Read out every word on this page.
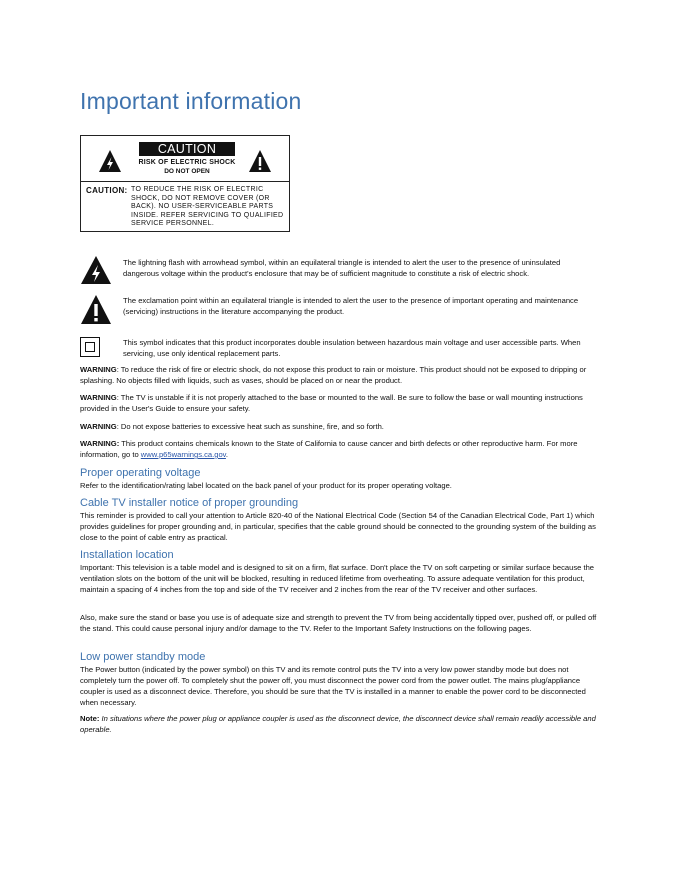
Important information
CAUTION
RISK OF ELECTRIC SHOCK
DO NOT OPEN
CAUTION: TO REDUCE THE RISK OF ELECTRIC SHOCK, DO NOT REMOVE COVER (OR BACK). NO USER-SERVICEABLE PARTS INSIDE. REFER SERVICING TO QUALIFIED SERVICE PERSONNEL.
The lightning flash with arrowhead symbol, within an equilateral triangle is intended to alert the user to the presence of uninsulated dangerous voltage within the product's enclosure that may be of sufficient magnitude to constitute a risk of electric shock.
The exclamation point within an equilateral triangle is intended to alert the user to the presence of important operating and maintenance (servicing) instructions in the literature accompanying the product.
This symbol indicates that this product incorporates double insulation between hazardous main voltage and user accessible parts. When servicing, use only identical replacement parts.

WARNING: To reduce the risk of fire or electric shock, do not expose this product to rain or moisture. This product should not be exposed to dripping or splashing. No objects filled with liquids, such as vases, should be placed on or near the product.

WARNING: The TV is unstable if it is not properly attached to the base or mounted to the wall. Be sure to follow the base or wall mounting instructions provided in the User's Guide to ensure your safety.

WARNING: Do not expose batteries to excessive heat such as sunshine, fire, and so forth.

WARNING: This product contains chemicals known to the State of California to cause cancer and birth defects or other reproductive harm. For more information, go to www.p65warnings.ca.gov.

Proper operating voltage

Refer to the identification/rating label located on the back panel of your product for its proper operating voltage.

Cable TV installer notice of proper grounding

This reminder is provided to call your attention to Article 820-40 of the National Electrical Code (Section 54 of the Canadian Electrical Code, Part 1) which provides guidelines for proper grounding and, in particular, specifies that the cable ground should be connected to the grounding system of the building as close to the point of cable entry as practical.

Installation location

Important: This television is a table model and is designed to sit on a firm, flat surface. Don't place the TV on soft carpeting or similar surface because the ventilation slots on the bottom of the unit will be blocked, resulting in reduced lifetime from overheating. To assure adequate ventilation for this product, maintain a spacing of 4 inches from the top and side of the TV receiver and 2 inches from the rear of the TV receiver and other surfaces.

Also, make sure the stand or base you use is of adequate size and strength to prevent the TV from being accidentally tipped over, pushed off, or pulled off the stand. This could cause personal injury and/or damage to the TV. Refer to the Important Safety Instructions on the following pages.

Low power standby mode

The Power button (indicated by the power symbol) on this TV and its remote control puts the TV into a very low power standby mode but does not completely turn the power off. To completely shut the power off, you must disconnect the power cord from the power outlet. The mains plug/appliance coupler is used as a disconnect device. Therefore, you should be sure that the TV is installed in a manner to enable the power cord to be disconnected when necessary.

Note: In situations where the power plug or appliance coupler is used as the disconnect device, the disconnect device shall remain readily accessible and operable.
